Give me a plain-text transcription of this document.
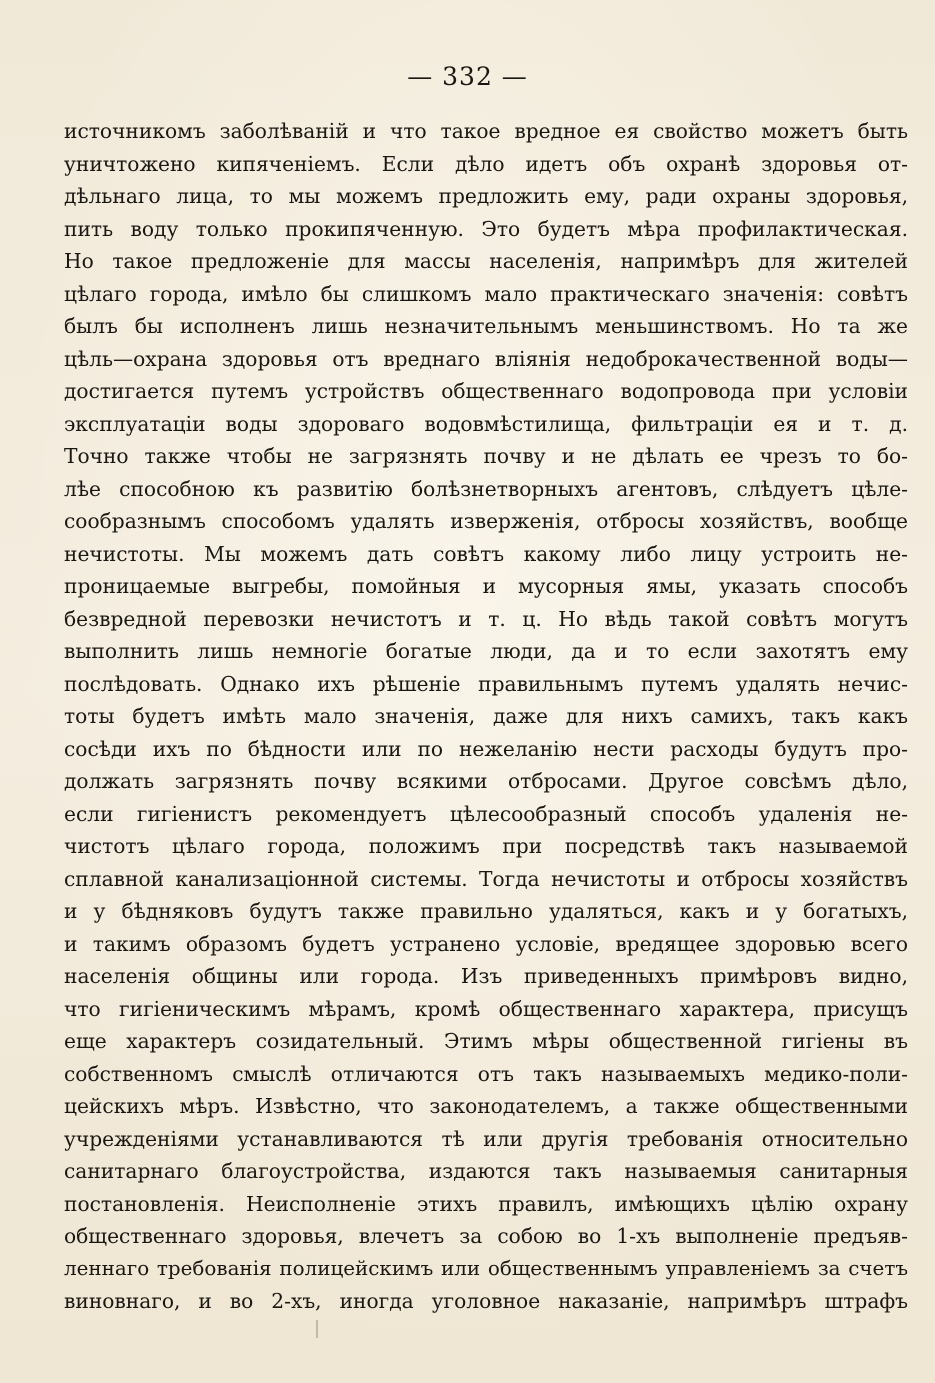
— 332 —
источникомъ заболѣваній и что такое вредное ея свойство можетъ быть
уничтожено кипяченіемъ. Если дѣло идетъ объ охранѣ здоровья от-
дѣльнаго лица, то мы можемъ предложить ему, ради охраны здоровья,
пить воду только прокипяченную. Это будетъ мѣра профилактическая.
Но такое предложеніе для массы населенія, напримѣръ для жителей
цѣлаго города, имѣло бы слишкомъ мало практическаго значенія: совѣтъ
былъ бы исполненъ лишь незначительнымъ меньшинствомъ. Но та же
цѣль—охрана здоровья отъ вреднаго вліянія недоброкачественной воды—
достигается путемъ устройствъ общественнаго водопровода при условіи
эксплуатаціи воды здороваго водовмѣстилища, фильтраціи ея и т. д.
Точно также чтобы не загрязнять почву и не дѣлать ее чрезъ то бо-
лѣе способною къ развитію болѣзнетворныхъ агентовъ, слѣдуетъ цѣле-
сообразнымъ способомъ удалять изверженія, отбросы хозяйствъ, вообще
нечистоты. Мы можемъ дать совѣтъ какому либо лицу устроить не-
проницаемые выгребы, помойныя и мусорныя ямы, указать способъ
безвредной перевозки нечистотъ и т. ц. Но вѣдь такой совѣтъ могутъ
выполнить лишь немногіе богатые люди, да и то если захотятъ ему
послѣдовать. Однако ихъ рѣшеніе правильнымъ путемъ удалять нечис-
тоты будетъ имѣть мало значенія, даже для нихъ самихъ, такъ какъ
сосѣди ихъ по бѣдности или по нежеланію нести расходы будутъ про-
должать загрязнять почву всякими отбросами. Другое совсѣмъ дѣло,
если гигіенистъ рекомендуетъ цѣлесообразный способъ удаленія не-
чистотъ цѣлаго города, положимъ при посредствѣ такъ называемой
сплавной канализаціонной системы. Тогда нечистоты и отбросы хозяйствъ
и у бѣдняковъ будутъ также правильно удаляться, какъ и у богатыхъ,
и такимъ образомъ будетъ устранено условіе, вредящее здоровью всего
населенія общины или города. Изъ приведенныхъ примѣровъ видно,
что гигіеническимъ мѣрамъ, кромѣ общественнаго характера, присущъ
еще характеръ созидательный. Этимъ мѣры общественной гигіены въ
собственномъ смыслѣ отличаются отъ такъ называемыхъ медико-поли-
цейскихъ мѣръ. Извѣстно, что законодателемъ, а также общественными
учрежденіями устанавливаются тѣ или другія требованія относительно
санитарнаго благоустройства, издаются такъ называемыя санитарныя
постановленія. Неисполненіе этихъ правилъ, имѣющихъ цѣлію охрану
общественнаго здоровья, влечетъ за собою во 1-хъ выполненіе предъяв-
леннаго требованія полицейскимъ или общественнымъ управленіемъ за счетъ
виновнаго, и во 2-хъ, иногда уголовное наказаніе, напримѣръ штрафъ
